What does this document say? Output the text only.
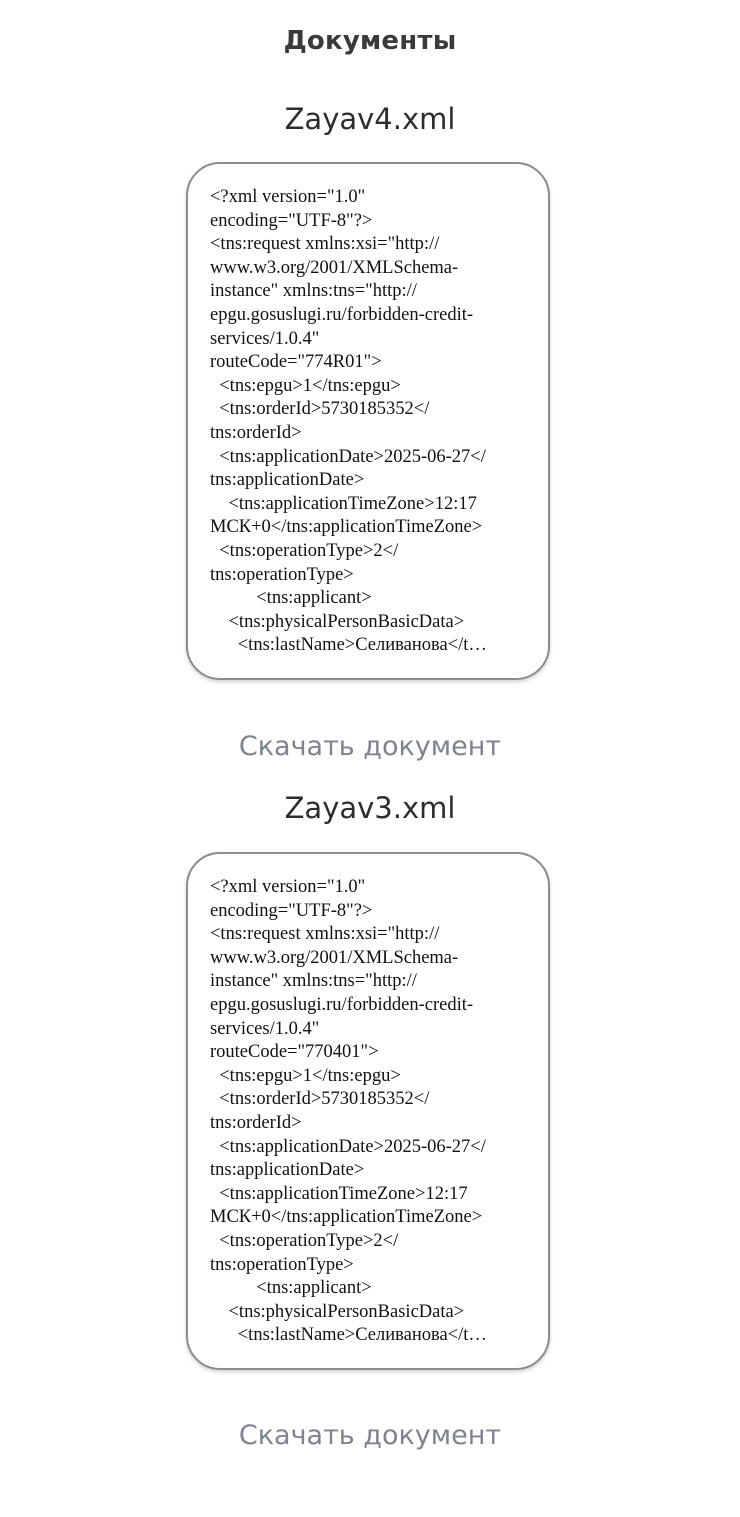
Документы
Zayav4.xml
<?xml version="1.0"
encoding="UTF-8"?>
<tns:request xmlns:xsi="http://
www.w3.org/2001/XMLSchema-
instance" xmlns:tns="http://
epgu.gosuslugi.ru/forbidden-credit-
services/1.0.4"
routeCode="774R01">
<tns:epgu>1</tns:epgu>
<tns:orderId>5730185352</
tns:orderId>
<tns:applicationDate>2025-06-27</
tns:applicationDate>
<tns:applicationTimeZone>12:17
МСК+0</tns:applicationTimeZone>
<tns:operationType>2</
tns:operationType>
<tns:applicant>
<tns:physicalPersonBasicData>
<tns:lastName>Селиванова</t…
Скачать документ
Zayav3.xml
<?xml version="1.0"
encoding="UTF-8"?>
<tns:request xmlns:xsi="http://
www.w3.org/2001/XMLSchema-
instance" xmlns:tns="http://
epgu.gosuslugi.ru/forbidden-credit-
services/1.0.4"
routeCode="770401">
<tns:epgu>1</tns:epgu>
<tns:orderId>5730185352</
tns:orderId>
<tns:applicationDate>2025-06-27</
tns:applicationDate>
<tns:applicationTimeZone>12:17
МСК+0</tns:applicationTimeZone>
<tns:operationType>2</
tns:operationType>
<tns:applicant>
<tns:physicalPersonBasicData>
<tns:lastName>Селиванова</t…
Скачать документ
